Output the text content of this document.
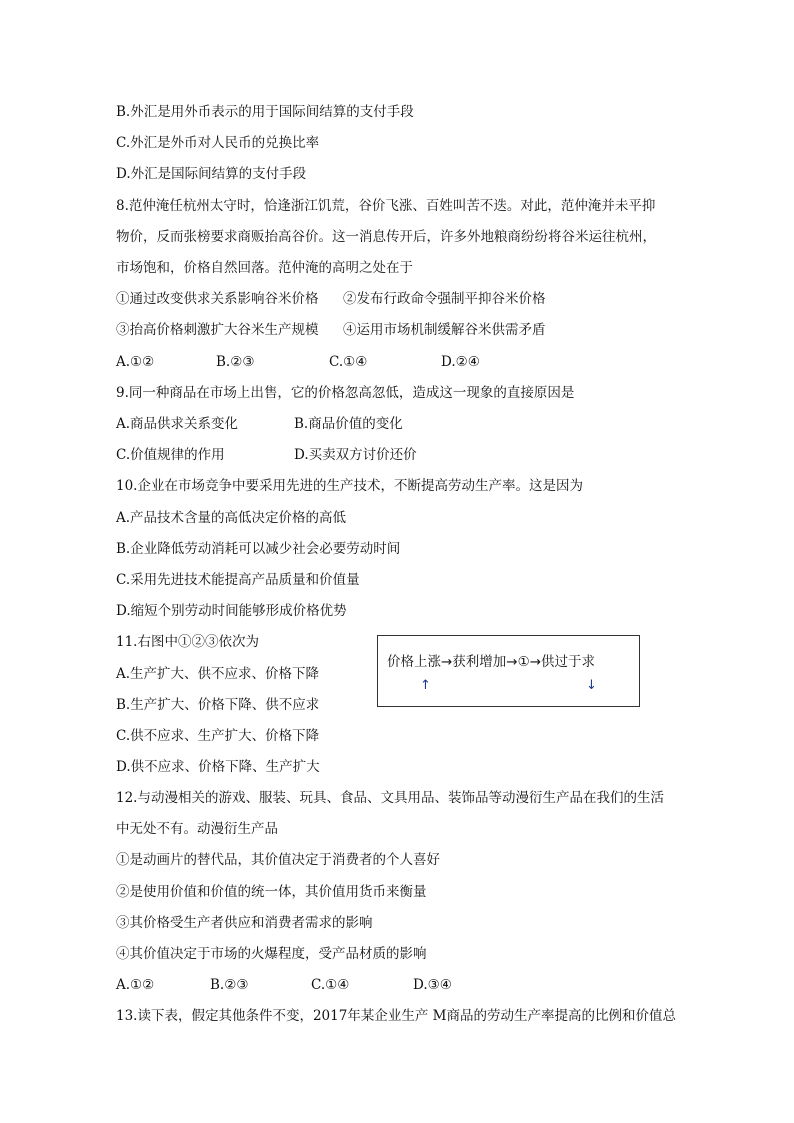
B.外汇是用外币表示的用于国际间结算的支付手段
C.外汇是外币对人民币的兑换比率
D.外汇是国际间结算的支付手段
8.范仲淹任杭州太守时，恰逢浙江饥荒，谷价飞涨、百姓叫苦不迭。对此，范仲淹并未平抑
物价，反而张榜要求商贩抬高谷价。这一消息传开后，许多外地粮商纷纷将谷米运往杭州，
市场饱和，价格自然回落。范仲淹的高明之处在于
①通过改变供求关系影响谷米价格 ②发布行政命令强制平抑谷米价格
③抬高价格刺激扩大谷米生产规模 ④运用市场机制缓解谷米供需矛盾
A.①②	B.②③	C.①④	D.②④
9.同一种商品在市场上出售，它的价格忽高忽低，造成这一现象的直接原因是
A.商品供求关系变化	B.商品价值的变化
C.价值规律的作用	D.买卖双方讨价还价
10.企业在市场竞争中要采用先进的生产技术，不断提高劳动生产率。这是因为
A.产品技术含量的高低决定价格的高低
B.企业降低劳动消耗可以减少社会必要劳动时间
C.采用先进技术能提高产品质量和价值量
D.缩短个别劳动时间能够形成价格优势
11.右图中①②③依次为
A.生产扩大、供不应求、价格下降
B.生产扩大、价格下降、供不应求
C.供不应求、生产扩大、价格下降
D.供不应求、价格下降、生产扩大
价格上涨→获利增加→①→供过于求
↑	↓
12.与动漫相关的游戏、服装、玩具、食品、文具用品、装饰品等动漫衍生产品在我们的生活
中无处不有。动漫衍生产品
①是动画片的替代品，其价值决定于消费者的个人喜好
②是使用价值和价值的统一体，其价值用货币来衡量
③其价格受生产者供应和消费者需求的影响
④其价值决定于市场的火爆程度，受产品材质的影响
A.①②	B.②③	C.①④	D.③④
13.读下表，假定其他条件不变，2017年某企业生产 M商品的劳动生产率提高的比例和价值总
